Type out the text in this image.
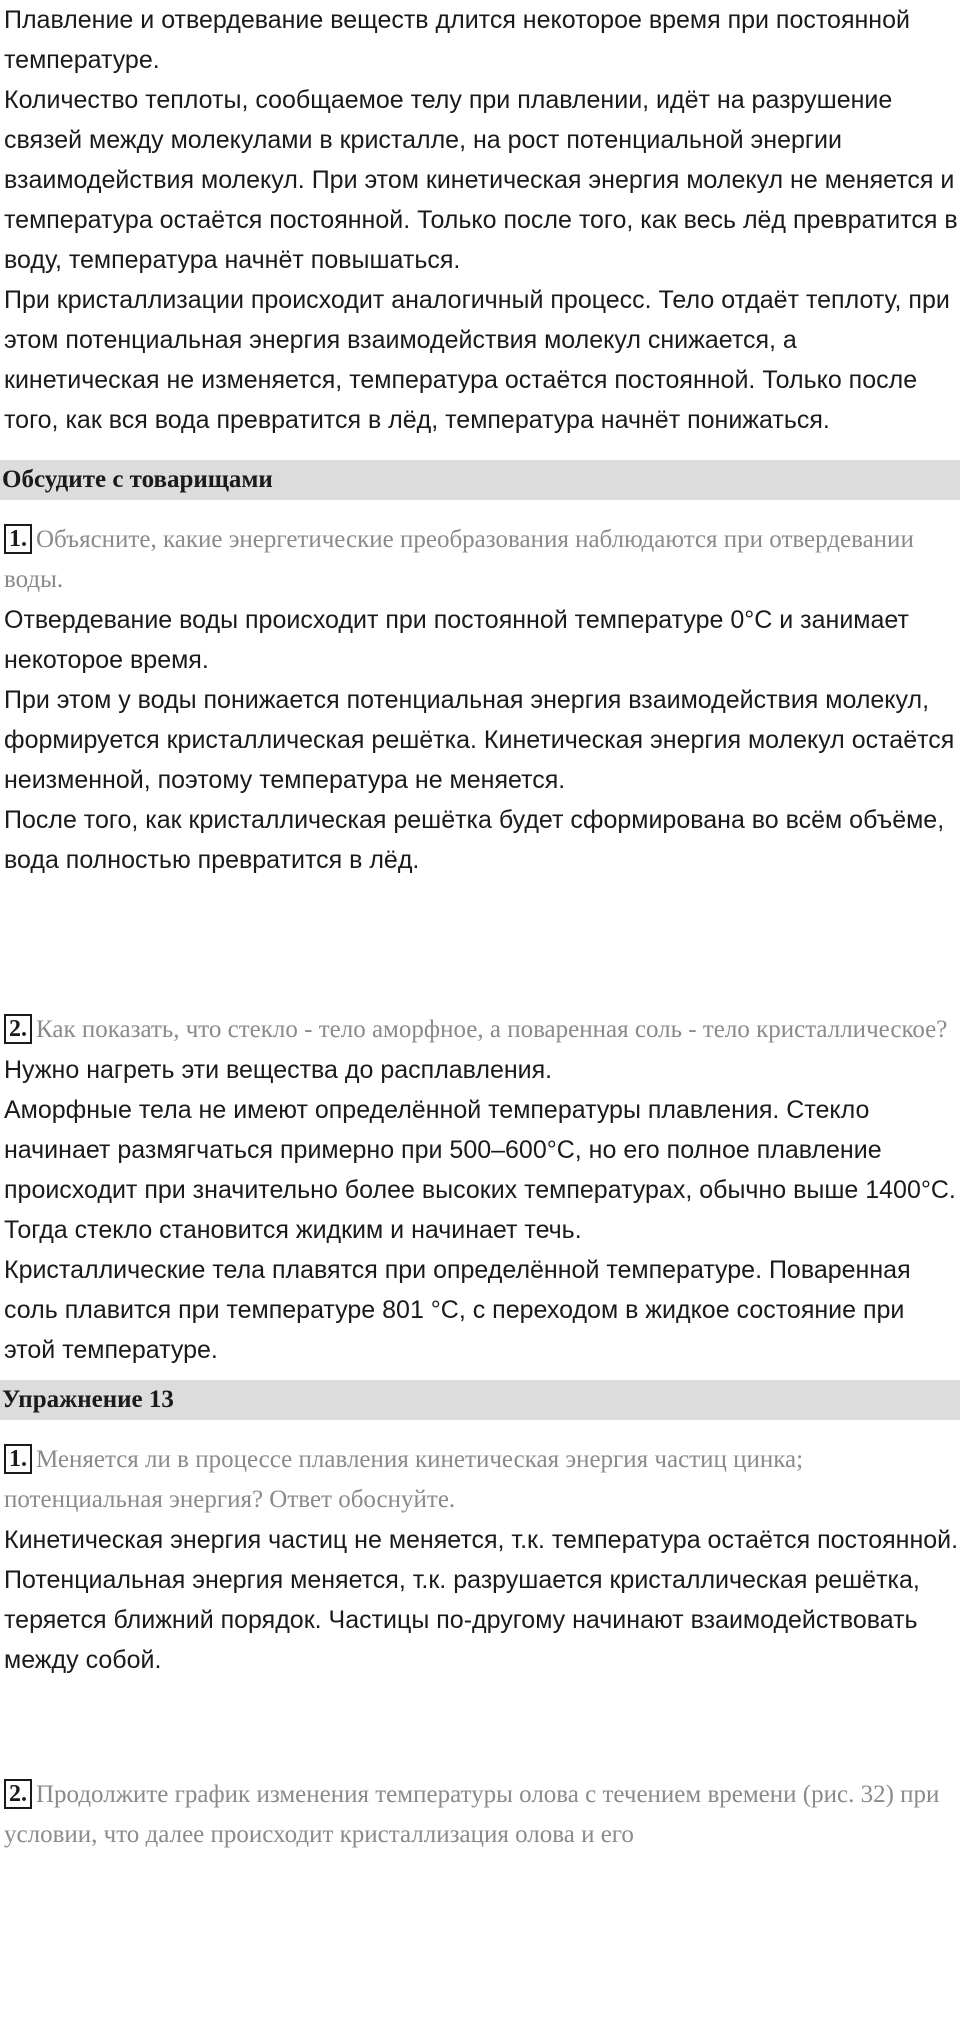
Плавление и отвердевание веществ длится некоторое время при постоянной температуре.

Количество теплоты, сообщаемое телу при плавлении, идёт на разрушение связей между молекулами в кристалле, на рост потенциальной энергии взаимодействия молекул. При этом кинетическая энергия молекул не меняется и температура остаётся постоянной. Только после того, как весь лёд превратится в воду, температура начнёт повышаться.

При кристаллизации происходит аналогичный процесс. Тело отдаёт теплоту, при этом потенциальная энергия взаимодействия молекул снижается, а кинетическая не изменяется, температура остаётся постоянной. Только после того, как вся вода превратится в лёд, температура начнёт понижаться.

Обсудите с товарищами

1. Объясните, какие энергетические преобразования наблюдаются при отвердевании воды.

Отвердевание воды происходит при постоянной температуре 0°С и занимает некоторое время.

При этом у воды понижается потенциальная энергия взаимодействия молекул, формируется кристаллическая решётка. Кинетическая энергия молекул остаётся неизменной, поэтому температура не меняется.

После того, как кристаллическая решётка будет сформирована во всём объёме, вода полностью превратится в лёд.

2. Как показать, что стекло - тело аморфное, а поваренная соль - тело кристаллическое?

Нужно нагреть эти вещества до расплавления.

Аморфные тела не имеют определённой температуры плавления. Стекло начинает размягчаться примерно при 500–600°C, но его полное плавление происходит при значительно более высоких температурах, обычно выше 1400°C. Тогда стекло становится жидким и начинает течь.

Кристаллические тела плавятся при определённой температуре. Поваренная соль плавится при температуре 801 °C, с переходом в жидкое состояние при этой температуре.

Упражнение 13

1. Меняется ли в процессе плавления кинетическая энергия частиц цинка; потенциальная энергия? Ответ обоснуйте.

Кинетическая энергия частиц не меняется, т.к. температура остаётся постоянной.

Потенциальная энергия меняется, т.к. разрушается кристаллическая решётка, теряется ближний порядок. Частицы по-другому начинают взаимодействовать между собой.

2. Продолжите график изменения температуры олова с течением времени (рис. 32) при условии, что далее происходит кристаллизация олова и его
